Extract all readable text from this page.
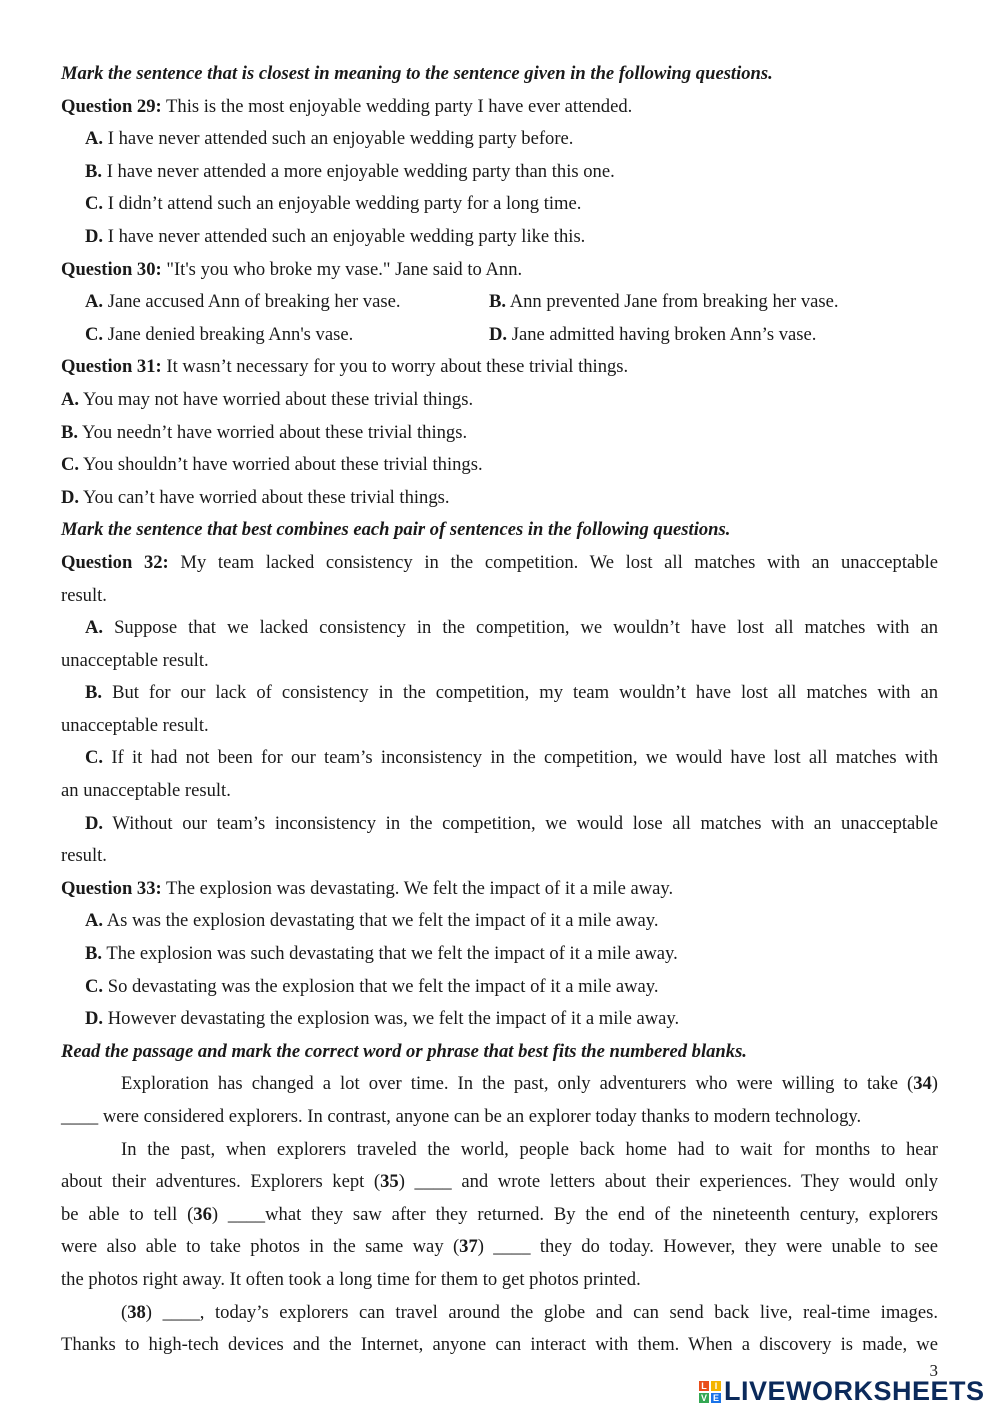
Mark the sentence that is closest in meaning to the sentence given in the following questions.
Question 29: This is the most enjoyable wedding party I have ever attended.
A. I have never attended such an enjoyable wedding party before.
B. I have never attended a more enjoyable wedding party than this one.
C. I didn’t attend such an enjoyable wedding party for a long time.
D. I have never attended such an enjoyable wedding party like this.
Question 30: "It's you who broke my vase." Jane said to Ann.
A. Jane accused Ann of breaking her vase.	B. Ann prevented Jane from breaking her vase.
C. Jane denied breaking Ann's vase.	D. Jane admitted having broken Ann’s vase.
Question 31: It wasn’t necessary for you to worry about these trivial things.
A. You may not have worried about these trivial things.
B. You needn’t have worried about these trivial things.
C. You shouldn’t have worried about these trivial things.
D. You can’t have worried about these trivial things.
Mark the sentence that best combines each pair of sentences in the following questions.
Question 32: My team lacked consistency in the competition. We lost all matches with an unacceptable
result.
A. Suppose that we lacked consistency in the competition, we wouldn’t have lost all matches with an
unacceptable result.
B. But for our lack of consistency in the competition, my team wouldn’t have lost all matches with an
unacceptable result.
C. If it had not been for our team’s inconsistency in the competition, we would have lost all matches with
an unacceptable result.
D. Without our team’s inconsistency in the competition, we would lose all matches with an unacceptable
result.
Question 33: The explosion was devastating. We felt the impact of it a mile away.
A. As was the explosion devastating that we felt the impact of it a mile away.
B. The explosion was such devastating that we felt the impact of it a mile away.
C. So devastating was the explosion that we felt the impact of it a mile away.
D. However devastating the explosion was, we felt the impact of it a mile away.
Read the passage and mark the correct word or phrase that best fits the numbered blanks.
Exploration has changed a lot over time. In the past, only adventurers who were willing to take (34)
____ were considered explorers. In contrast, anyone can be an explorer today thanks to modern technology.
In the past, when explorers traveled the world, people back home had to wait for months to hear
about their adventures. Explorers kept (35) ____ and wrote letters about their experiences. They would only
be able to tell (36) ____what they saw after they returned. By the end of the nineteenth century, explorers
were also able to take photos in the same way (37) ____ they do today. However, they were unable to see
the photos right away. It often took a long time for them to get photos printed.
(38) ____, today’s explorers can travel around the globe and can send back live, real-time images.
Thanks to high-tech devices and the Internet, anyone can interact with them. When a discovery is made, we
3
L I
V E LIVEWORKSHEETS
